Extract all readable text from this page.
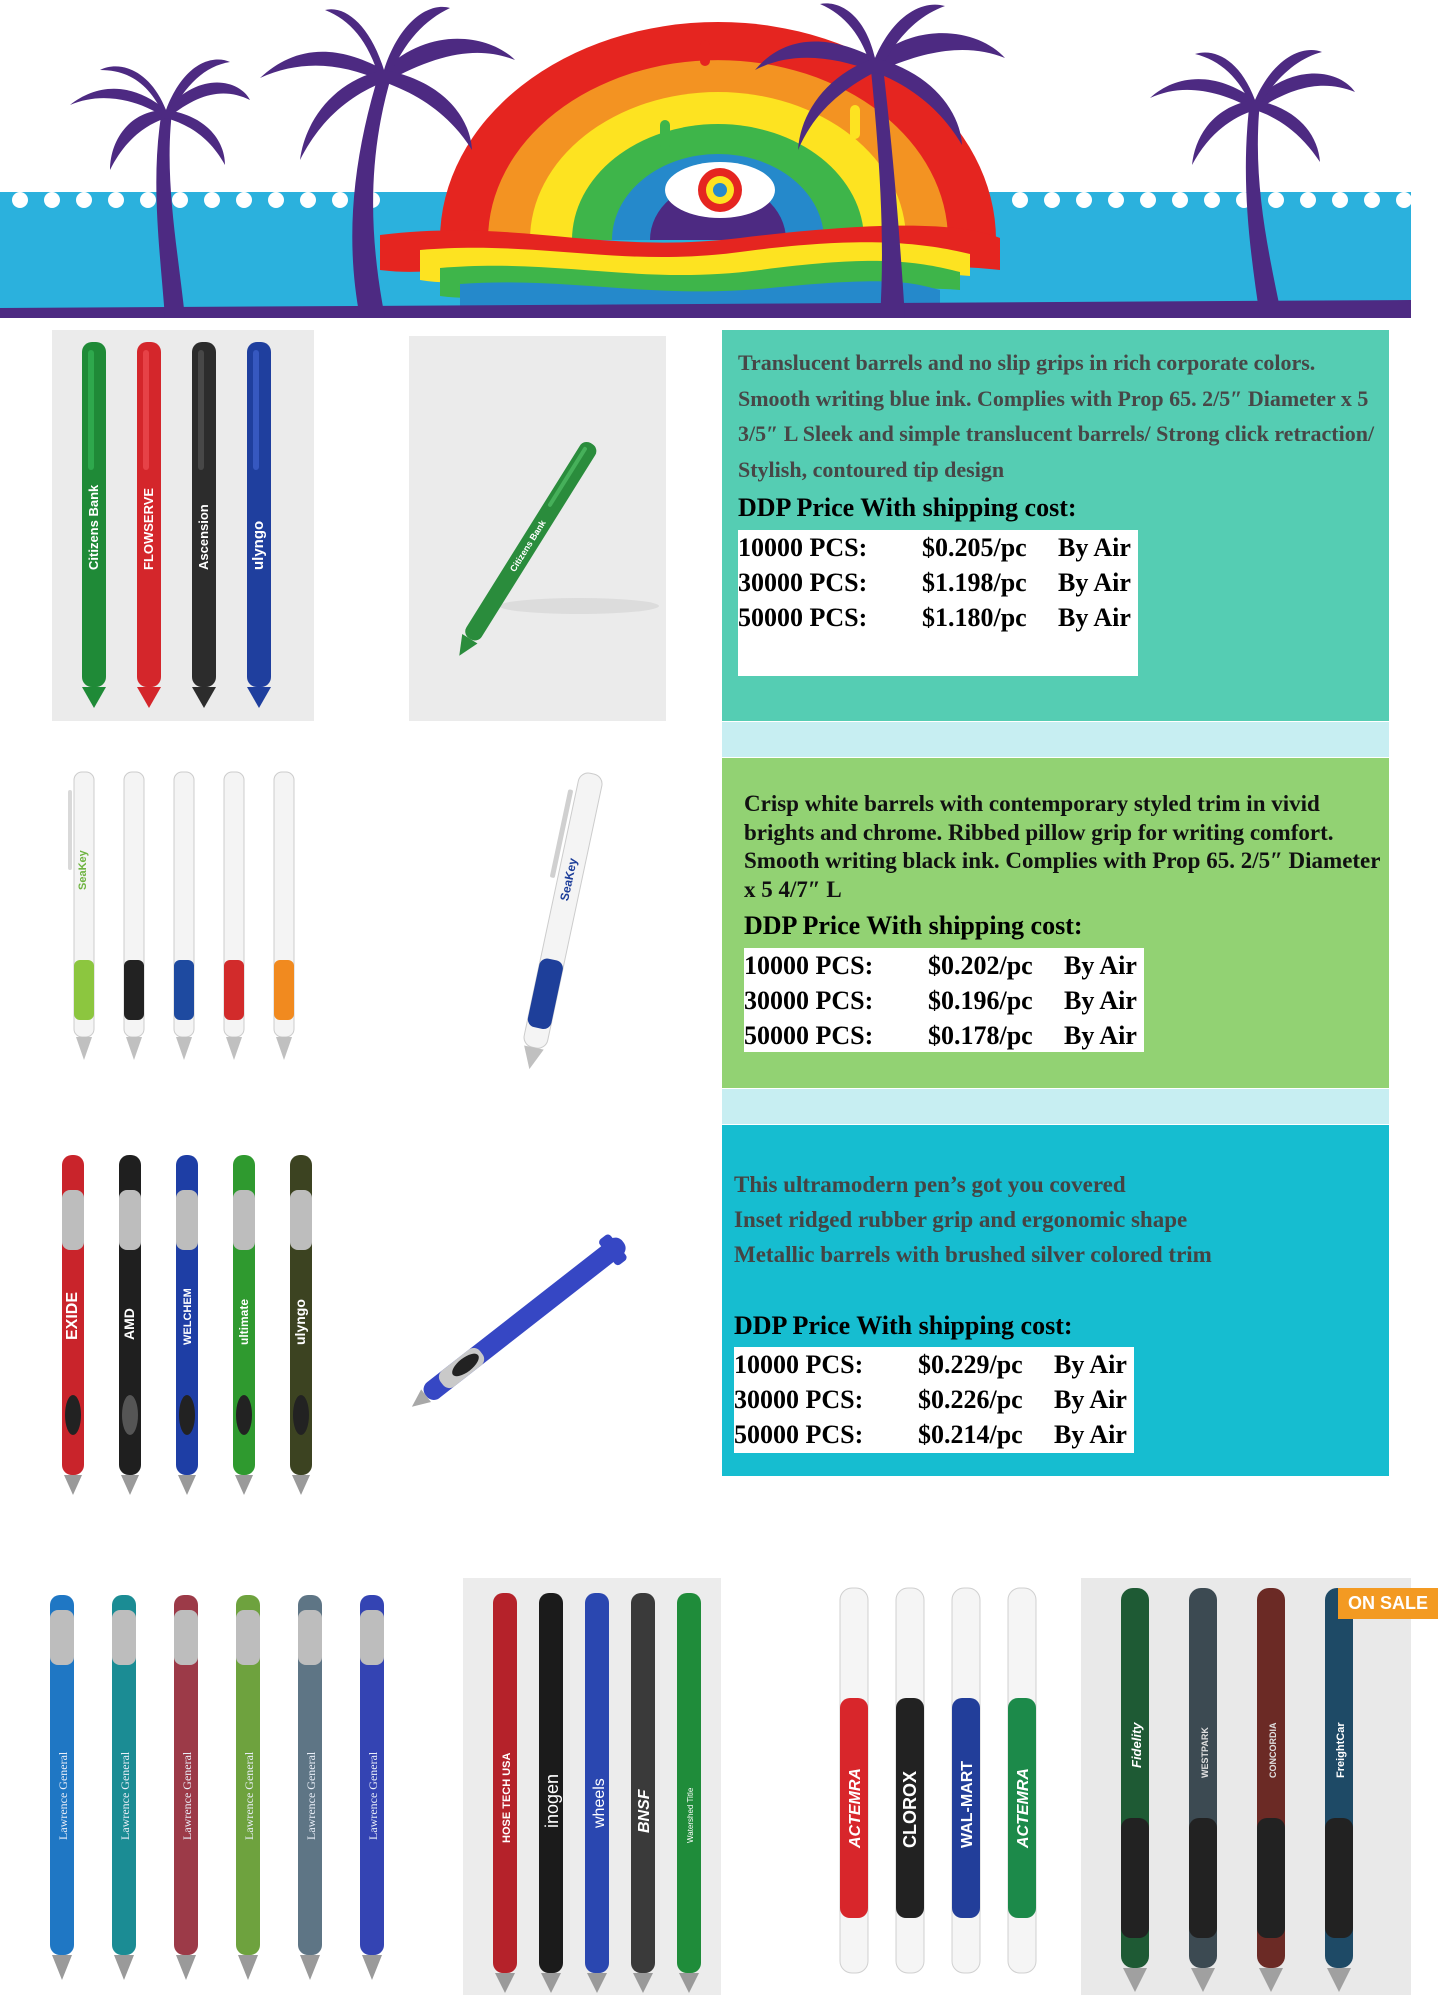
Citizens Bank	FLOWSERVE	Ascension	ulyngo	Citizens Bank
Translucent barrels and no slip grips in rich corporate colors. Smooth writing blue ink. Complies with Prop 65. 2/5″ Diameter x 5 3/5″ L Sleek and simple translucent barrels/ Strong click retraction/ Stylish, contoured tip design
DDP Price With shipping cost:
10000 PCS:	$0.205/pc	By Air
30000 PCS:	$1.198/pc	By Air
50000 PCS:	$1.180/pc	By Air
SeaKey	SeaKey
Crisp white barrels with contemporary styled trim in vivid brights and chrome. Ribbed pillow grip for writing comfort. Smooth writing black ink. Complies with Prop 65. 2/5″ Diameter x 5 4/7″ L
DDP Price With shipping cost:
10000 PCS:	$0.202/pc	By Air
30000 PCS:	$0.196/pc	By Air
50000 PCS:	$0.178/pc	By Air
EXIDE	AMD	WELCHEM	ultimate	ulyngo
This ultramodern pen’s got you covered
Inset ridged rubber grip and ergonomic shape
Metallic barrels with brushed silver colored trim
DDP Price With shipping cost:
10000 PCS:	$0.229/pc	By Air
30000 PCS:	$0.226/pc	By Air
50000 PCS:	$0.214/pc	By Air
Lawrence General	Lawrence General	Lawrence General	Lawrence General	Lawrence General	Lawrence General	HOSE TECH USA inogen wheels BNSF	Watershed Title	ACTEMRA CLOROX WAL-MART ACTEMRA
Fidelity	WESTPARK	CONCORDIA	FreightCar
ON SALE
